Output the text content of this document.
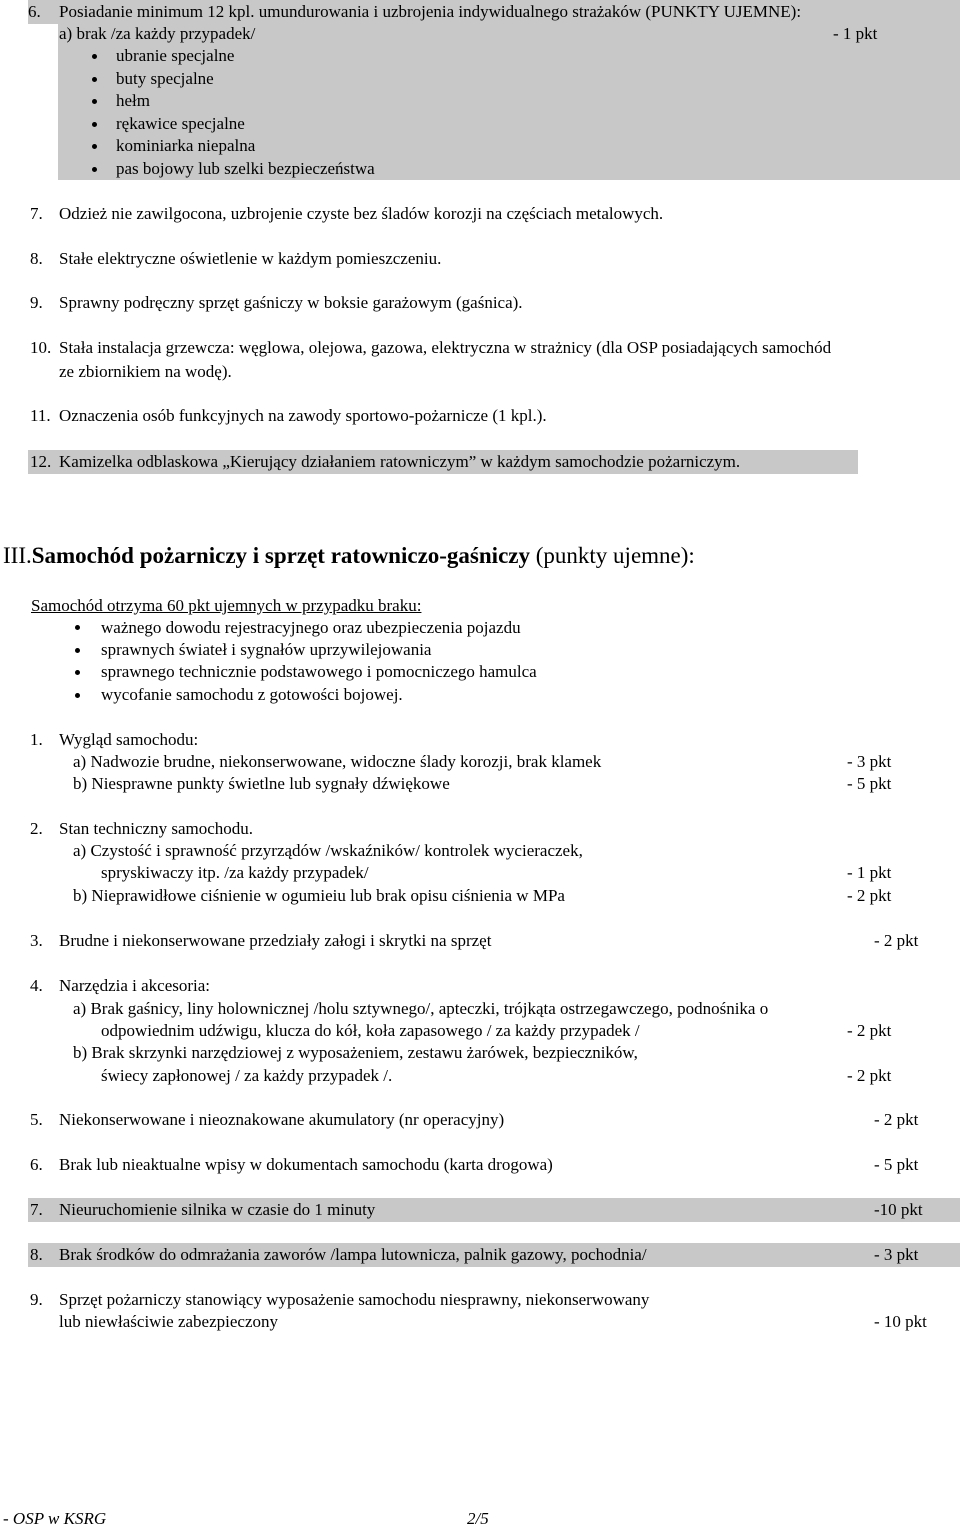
6. Posiadanie minimum 12 kpl. umundurowania i uzbrojenia indywidualnego strażaków (PUNKTY UJEMNE):
a) brak /za każdy przypadek/	- 1 pkt
ubranie specjalne
buty specjalne
hełm
rękawice specjalne
kominiarka niepalna
pas bojowy lub szelki bezpieczeństwa
7. Odzież nie zawilgocona, uzbrojenie czyste bez śladów korozji na częściach metalowych.
8. Stałe elektryczne oświetlenie w każdym pomieszczeniu.
9. Sprawny podręczny sprzęt gaśniczy w boksie garażowym (gaśnica).
10. Stała instalacja grzewcza: węglowa, olejowa, gazowa, elektryczna w strażnicy (dla OSP posiadających samochód
ze zbiornikiem na wodę).
11. Oznaczenia osób funkcyjnych na zawody sportowo-pożarnicze (1 kpl.).
12. Kamizelka odblaskowa „Kierujący działaniem ratowniczym” w każdym samochodzie pożarniczym.
III.Samochód pożarniczy i sprzęt ratowniczo-gaśniczy (punkty ujemne):
Samochód otrzyma 60 pkt ujemnych w przypadku braku:
ważnego dowodu rejestracyjnego oraz ubezpieczenia pojazdu
sprawnych świateł i sygnałów uprzywilejowania
sprawnego technicznie podstawowego i pomocniczego hamulca
wycofanie samochodu z gotowości bojowej.
1. Wygląd samochodu:
a) Nadwozie brudne, niekonserwowane, widoczne ślady korozji, brak klamek	- 3 pkt
b) Niesprawne punkty świetlne lub sygnały dźwiękowe	- 5 pkt
2. Stan techniczny samochodu.
a) Czystość i sprawność przyrządów /wskaźników/ kontrolek wycieraczek,
spryskiwaczy itp. /za każdy przypadek/	- 1 pkt
b) Nieprawidłowe ciśnienie w ogumieiu lub brak opisu ciśnienia w MPa	- 2 pkt
3. Brudne i niekonserwowane przedziały załogi i skrytki na sprzęt	- 2 pkt
4. Narzędzia i akcesoria:
a) Brak gaśnicy, liny holownicznej /holu sztywnego/, apteczki, trójkąta ostrzegawczego, podnośnika o
odpowiednim udźwigu, klucza do kół, koła zapasowego / za każdy przypadek /	- 2 pkt
b) Brak skrzynki narzędziowej z wyposażeniem, zestawu żarówek, bezpieczników,
świecy zapłonowej / za każdy przypadek /.	- 2 pkt
5. Niekonserwowane i nieoznakowane akumulatory (nr operacyjny)	- 2 pkt
6. Brak lub nieaktualne wpisy w dokumentach samochodu (karta drogowa)	- 5 pkt
7. Nieuruchomienie silnika w czasie do 1 minuty	-10 pkt
8. Brak środków do odmrażania zaworów /lampa lutownicza, palnik gazowy, pochodnia/	- 3 pkt
9. Sprzęt pożarniczy stanowiący wyposażenie samochodu niesprawny, niekonserwowany
lub niewłaściwie zabezpieczony	- 10 pkt
- OSP w KSRG	2/5
